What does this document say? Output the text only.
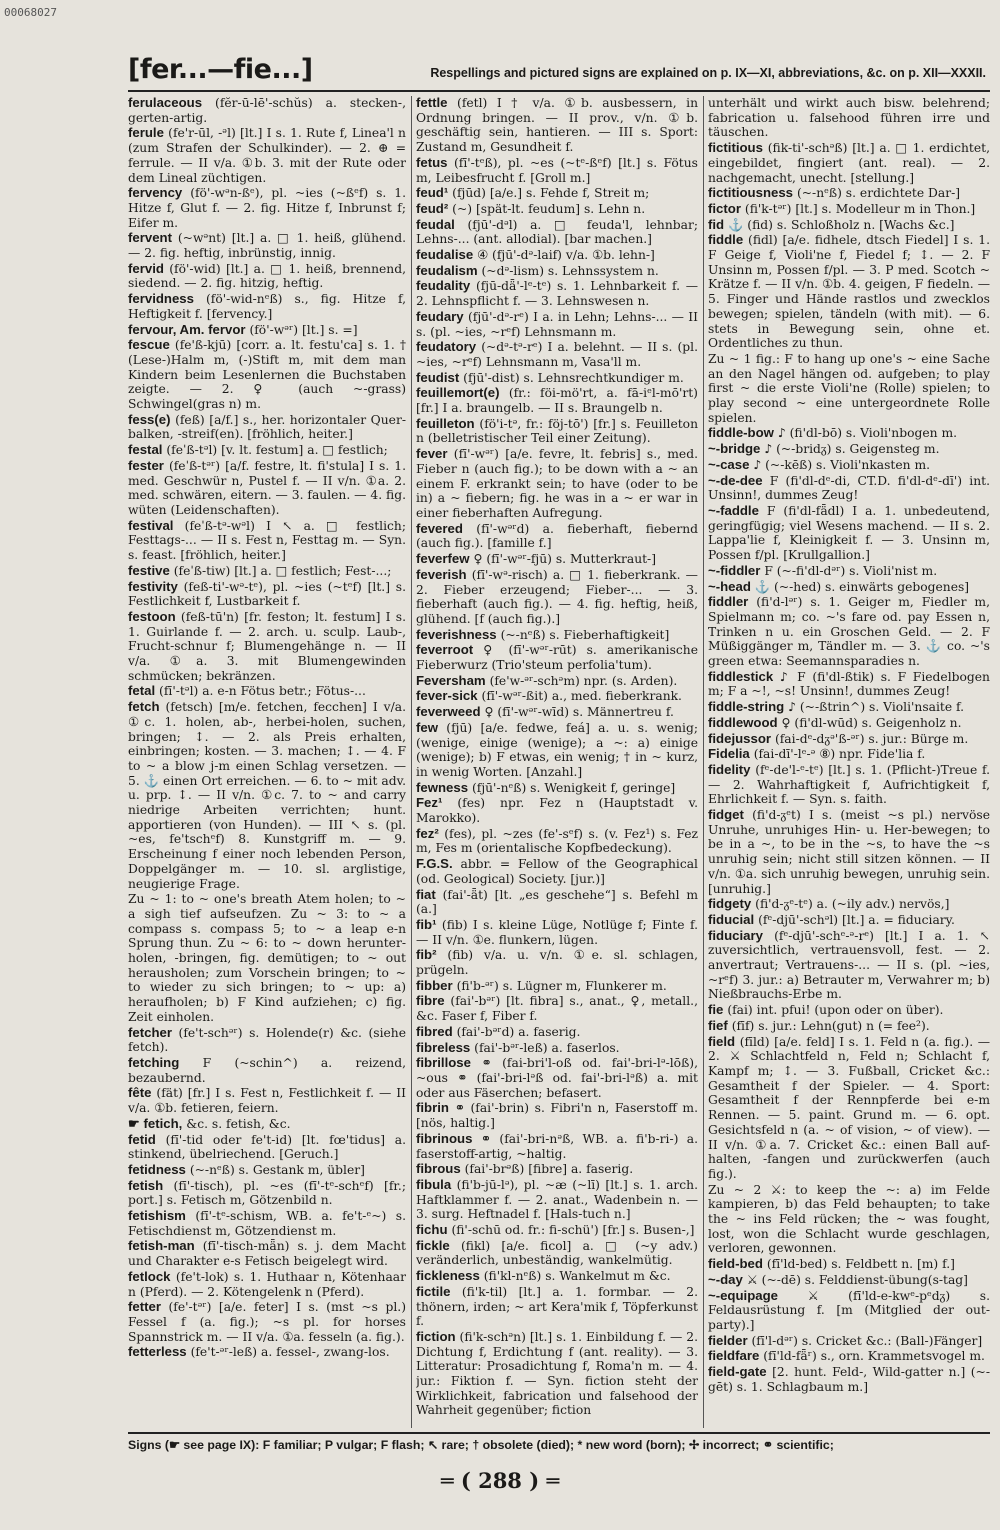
00068027
[fer...—fie...]	Respellings and pictured signs are explained on p. IX—XI, abbreviations, &c. on p. XII—XXXII.
ferulaceous (fĕr-ū-lē'-schŭs) a. stecken-, gerten-artig.
ferule (fe'r-ūl, -ᵊl) [lt.] I s. 1. Rute f, Linea'l n (zum Strafen der Schulkinder). — 2. ⊕ = ferrule. — II v/a. ①b. 3. mit der Rute oder dem Lineal züchtigen.
fervency (fö'-wᵊn-ßᵉ), pl. ~ies (~ßᵉf) s. 1. Hitze f, Glut f. — 2. fig. Hitze f, Inbrunst f; Eifer m.
fervent (~wᵊnt) [lt.] a. □ 1. heiß, glühend. — 2. fig. heftig, inbrünstig, innig.
fervid (fö'-wid) [lt.] a. □ 1. heiß, brennend, siedend. — 2. fig. hitzig, heftig.
fervidness (fö'-wid-nᵉß) s., fig. Hitze f, Heftigkeit f. [fervency.]
fervour, Am. fervor (fö'-wᵊʳ) [lt.] s. =]
fescue (fe'ß-kjū) [corr. a. lt. festu'ca] s. 1. † (Lese-)Halm m, (-)Stift m, mit dem man Kindern beim Lesenlernen die Buchstaben zeigte. — 2. ♀ (auch ~-grass) Schwingel(gras n) m.
fess(e) (feß) [a/f.] s., her. horizontaler Quer-balken, -streif(en). [fröhlich, heiter.]
festal (feˈß-tᵊl) [v. lt. festum] a. □ festlich;
fester (feˈß-tᵊʳ) [a/f. festre, lt. fi'stula] I s. 1. med. Geschwür n, Pustel f. — II v/n. ①a. 2. med. schwären, eitern. — 3. faulen. — 4. fig. wüten (Leidenschaften).
festival (feˈß-tᵊ-wᵊl) I ↖ a. □ festlich; Festtags-... — II s. Fest n, Festtag m. — Syn. s. feast. [fröhlich, heiter.]
festive (feˈß-tiw) [lt.] a. □ festlich; Fest-...;
festivity (feß-ti'-wᵊ-tᵉ), pl. ~ies (~tᵉf) [lt.] s. Festlichkeit f, Lustbarkeit f.
festoon (feß-tū'n) [fr. feston; lt. festum] I s. 1. Guirlande f. — 2. arch. u. sculp. Laub-, Frucht-schnur f; Blumengehänge n. — II v/a. ①a. 3. mit Blumengewinden schmücken; bekränzen.
fetal (fī'-tᵊl) a. e-n Fötus betr.; Fötus-...
fetch (fetsch) [m/e. fetchen, fecchen] I v/a. ①c. 1. holen, ab-, herbei-holen, suchen, bringen; ↕. — 2. als Preis erhalten, einbringen; kosten. — 3. machen; ↕. — 4. F to ~ a blow j-m einen Schlag versetzen. — 5. ⚓ einen Ort erreichen. — 6. to ~ mit adv. u. prp. ↕. — II v/n. ①c. 7. to ~ and carry niedrige Arbeiten verrichten; hunt. apportieren (von Hunden). — III ↖ s. (pl. ~es, fe'tschᵉf) 8. Kunstgriff m. — 9. Erscheinung f einer noch lebenden Person, Doppelgänger m. — 10. sl. arglistige, neugierige Frage.
Zu ~ 1: to ~ one's breath Atem holen; to ~ a sigh tief aufseufzen. Zu ~ 3: to ~ a compass s. compass 5; to ~ a leap e-n Sprung thun. Zu ~ 6: to ~ down herunter-holen, -bringen, fig. demütigen; to ~ out herausholen; zum Vorschein bringen; to ~ to wieder zu sich bringen; to ~ up: a) heraufholen; b) F Kind aufziehen; c) fig. Zeit einholen.
fetcher (fe't-schᵊʳ) s. Holende(r) &c. (siehe fetch).
fetching F (~schin^) a. reizend, bezaubernd.
fête (fät) [fr.] I s. Fest n, Festlichkeit f. — II v/a. ①b. fetieren, feiern.
☛ fetich, &c. s. fetish, &c.
fetid (fī'-tid oder fe't-id) [lt. fœ'tidus] a. stinkend, übelriechend. [Geruch.]
fetidness (~-nᵉß) s. Gestank m, übler]
fetish (fī'-tisch), pl. ~es (fī'-tᵉ-schᵉf) [fr.; port.] s. Fetisch m, Götzenbild n.
fetishism (fī'-tᵉ-schism, WB. a. fe't-ᵉ~) s. Fetischdienst m, Götzendienst m.
fetish-man (fī'-tisch-mǟn) s. j. dem Macht und Charakter e-s Fetisch beigelegt wird.
fetlock (fe't-lok) s. 1. Huthaar n, Kötenhaar n (Pferd). — 2. Kötengelenk n (Pferd).
fetter (fe'-tᵊʳ) [a/e. feter] I s. (mst ~s pl.) Fessel f (a. fig.); ~s pl. for horses Spannstrick m. — II v/a. ①a. fesseln (a. fig.).
fetterless (fe't-ᵊʳ-leß) a. fessel-, zwang-los.
fettle (fetl) I † v/a. ①b. ausbessern, in Ordnung bringen. — II prov., v/n. ①b. geschäftig sein, hantieren. — III s. Sport: Zustand m, Gesundheit f.
fetus (fī'-tᵉß), pl. ~es (~tᵉ-ßᵉf) [lt.] s. Fötus m, Leibesfrucht f. [Groll m.]
feud¹ (fjūd) [a/e.] s. Fehde f, Streit m;
feud² (~) [spät-lt. feudum] s. Lehn n.
feudal (fjū'-dᵊl) a. □ feuda'l, lehnbar; Lehns-... (ant. allodial). [bar machen.]
feudalise ④ (fjū'-dᵊ-laif) v/a. ①b. lehn-]
feudalism (~dᵊ-lism) s. Lehnssystem n.
feudality (fjū-dǟ'-lᵉ-tᵉ) s. 1. Lehnbarkeit f. — 2. Lehnspflicht f. — 3. Lehnswesen n.
feudary (fjū'-dᵊ-rᵉ) I a. in Lehn; Lehns-... — II s. (pl. ~ies, ~rᵉf) Lehnsmann m.
feudatory (~dᵊ-tᵊ-rᵉ) I a. belehnt. — II s. (pl. ~ies, ~rᵉf) Lehnsmann m, Vasa'll m.
feudist (fjū'-dist) s. Lehnsrechtkundiger m.
feuillemort(e) (fr.: föi-mö'rt, a. fā-iᵉl-mō'rt) [fr.] I a. braungelb. — II s. Braungelb n.
feuilleton (fö'i-tᵊ, fr.: föj-tō') [fr.] s. Feuilleton n (belletristischer Teil einer Zeitung).
fever (fī'-wᵊʳ) [a/e. fevre, lt. febris] s., med. Fieber n (auch fig.); to be down with a ~ an einem F. erkrankt sein; to have (oder to be in) a ~ fiebern; fig. he was in a ~ er war in einer fieberhaften Aufregung.
fevered (fī'-wᵊʳd) a. fieberhaft, fiebernd (auch fig.). [famille f.]
feverfew ♀ (fī'-wᵊʳ-fjū) s. Mutterkraut-]
feverish (fī'-wᵊ-risch) a. □ 1. fieberkrank. — 2. Fieber erzeugend; Fieber-... — 3. fieberhaft (auch fig.). — 4. fig. heftig, heiß, glühend. [f (auch fig.).]
feverishness (~-nᵉß) s. Fieberhaftigkeit]
feverroot ♀ (fī'-wᵊʳ-rūt) s. amerikanische Fieberwurz (Trio'steum perfolia'tum).
Feversham (fe'w-ᵊʳ-schᵊm) npr. (s. Arden).
fever-sick (fī'-wᵊʳ-ßit) a., med. fieberkrank.
feverweed ♀ (fī'-wᵊʳ-wīd) s. Männertreu f.
few (fjū) [a/e. fedwe, feá] a. u. s. wenig; (wenige, einige (wenige); a ~: a) einige (wenige); b) F etwas, ein wenig; † in ~ kurz, in wenig Worten. [Anzahl.]
fewness (fjū'-nᵉß) s. Wenigkeit f, geringe]
Fez¹ (fes) npr. Fez n (Hauptstadt v. Marokko).
fez² (fes), pl. ~zes (fe'-sᵉf) s. (v. Fez¹) s. Fez m, Fes m (orientalische Kopfbedeckung).
F.G.S. abbr. = Fellow of the Geographical (od. Geological) Society. [jur.)]
fiat (fai'-ǟt) [lt. „es geschehe“] s. Befehl m (a.]
fib¹ (fib) I s. kleine Lüge, Notlüge f; Finte f. — II v/n. ①e. flunkern, lügen.
fib² (fib) v/a. u. v/n. ①e. sl. schlagen, prügeln.
fibber (fi'b-ᵊʳ) s. Lügner m, Flunkerer m.
fibre (fai'-bᵊʳ) [lt. fibra] s., anat., ♀, metall., &c. Faser f, Fiber f.
fibred (fai'-bᵊʳd) a. faserig.
fibreless (fai'-bᵊʳ-leß) a. faserlos.
fibrillose ⚭ (fai-bri'l-oß od. fai'-bri-lᵊ-lōß), ~ous ⚭ (fai'-bri-lᵊß od. fai'-bri-lᵊß) a. mit oder aus Fäserchen; befasert.
fibrin ⚭ (fai'-brin) s. Fibri'n n, Faserstoff m. [nös, haltig.]
fibrinous ⚭ (fai'-bri-nᵊß, WB. a. fi'b-ri-) a. faserstoff-artig, ~haltig.
fibrous (fai'-brᵊß) [fibre] a. faserig.
fibula (fi'b-jū-lᵊ), pl. ~æ (~lī) [lt.] s. 1. arch. Haftklammer f. — 2. anat., Wadenbein n. — 3. surg. Heftnadel f. [Hals-tuch n.]
fichu (fi'-schū od. fr.: fi-schü') [fr.] s. Busen-,]
fickle (fikl) [a/e. ficol] a. □ (~y adv.) veränderlich, unbeständig, wankelmütig.
fickleness (fi'kl-nᵉß) s. Wankelmut m &c.
fictile (fi'k-til) [lt.] a. 1. formbar. — 2. thönern, irden; ~ art Kera'mik f, Töpferkunst f.
fiction (fi'k-schᵊn) [lt.] s. 1. Einbildung f. — 2. Dichtung f, Erdichtung f (ant. reality). — 3. Litteratur: Prosadichtung f, Roma'n m. — 4. jur.: Fiktion f. — Syn. fiction steht der Wirklichkeit, fabrication und falsehood der Wahrheit gegenüber; fiction
unterhält und wirkt auch bisw. belehrend; fabrication u. falsehood führen irre und täuschen.
fictitious (fik-ti'-schᵊß) [lt.] a. □ 1. erdichtet, eingebildet, fingiert (ant. real). — 2. nachgemacht, unecht. [stellung.]
fictitiousness (~-nᵉß) s. erdichtete Dar-]
fictor (fi'k-tᵊʳ) [lt.] s. Modelleur m in Thon.]
fid ⚓ (fid) s. Schloßholz n. [Wachs &c.]
fiddle (fidl) [a/e. fidhele, dtsch Fiedel] I s. 1. F Geige f, Violi'ne f, Fiedel f; ↕. — 2. F Unsinn m, Possen f/pl. — 3. P med. Scotch ~ Krätze f. — II v/n. ①b. 4. geigen, F fiedeln. — 5. Finger und Hände rastlos und zwecklos bewegen; spielen, tändeln (with mit). — 6. stets in Bewegung sein, ohne et. Ordentliches zu thun.
Zu ~ 1 fig.: F to hang up one's ~ eine Sache an den Nagel hängen od. aufgeben; to play first ~ die erste Violi'ne (Rolle) spielen; to play second ~ eine untergeordnete Rolle spielen.
fiddle-bow ♪ (fi'dl-bō) s. Violi'nbogen m.
~-bridge ♪ (~-bridᵹ) s. Geigensteg m.
~-case ♪ (~-kēß) s. Violi'nkasten m.
~-de-dee F (fi'dl-dᵉ-di, CT.D. fi'dl-dᵉ-dī') int. Unsinn!, dummes Zeug!
~-faddle F (fi'dl-fǟdl) I a. 1. unbedeutend, geringfügig; viel Wesens machend. — II s. 2. Lappa'lie f, Kleinigkeit f. — 3. Unsinn m, Possen f/pl. [Krullgallion.]
~-fiddler F (~-fi'dl-dᵊʳ) s. Violi'nist m.
~-head ⚓ (~-hed) s. einwärts gebogenes]
fiddler (fi'd-lᵊʳ) s. 1. Geiger m, Fiedler m, Spielmann m; co. ~'s fare od. pay Essen n, Trinken n u. ein Groschen Geld. — 2. F Müßiggänger m, Tändler m. — 3. ⚓ co. ~'s green etwa: Seemannsparadies n.
fiddlestick ♪ F (fi'dl-ßtik) s. F Fiedelbogen m; F a ~!, ~s! Unsinn!, dummes Zeug!
fiddle-string ♪ (~-ßtrin^) s. Violi'nsaite f.
fiddlewood ♀ (fi'dl-wūd) s. Geigenholz n.
fidejussor (fai-dᵉ-dᵹᵊ'ß-ᵊʳ) s. jur.: Bürge m.
Fidelia (fai-dī'-lᵉ-ᵊ ⑧) npr. Fide'lia f.
fidelity (fᵉ-de'l-ᵉ-tᵉ) [lt.] s. 1. (Pflicht-)Treue f. — 2. Wahrhaftigkeit f, Aufrichtigkeit f, Ehrlichkeit f. — Syn. s. faith.
fidget (fi'd-ᵹᵉt) I s. (meist ~s pl.) nervöse Unruhe, unruhiges Hin- u. Her-bewegen; to be in a ~, to be in the ~s, to have the ~s unruhig sein; nicht still sitzen können. — II v/n. ①a. sich unruhig bewegen, unruhig sein. [unruhig.]
fidgety (fi'd-ᵹᵉ-tᵉ) a. (~ily adv.) nervös,]
fiducial (fᵉ-djū'-schᵊl) [lt.] a. = fiduciary.
fiduciary (fᵉ-djū'-schᵉ-ᵊ-rᵉ) [lt.] I a. 1. ↖ zuversichtlich, vertrauensvoll, fest. — 2. anvertraut; Vertrauens-... — II s. (pl. ~ies, ~rᵉf) 3. jur.: a) Betrauter m, Verwahrer m; b) Nießbrauchs-Erbe m.
fie (fai) int. pfui! (upon oder on über).
fief (fīf) s. jur.: Lehn(gut) n (= fee²).
field (fīld) [a/e. feld] I s. 1. Feld n (a. fig.). — 2. ⚔ Schlachtfeld n, Feld n; Schlacht f, Kampf m; ↕. — 3. Fußball, Cricket &c.: Gesamtheit f der Spieler. — 4. Sport: Gesamtheit f der Rennpferde bei e-m Rennen. — 5. paint. Grund m. — 6. opt. Gesichtsfeld n (a. ~ of vision, ~ of view). — II v/n. ①a. 7. Cricket &c.: einen Ball auf-halten, -fangen und zurückwerfen (auch fig.).
Zu ~ 2 ⚔: to keep the ~: a) im Felde kampieren, b) das Feld behaupten; to take the ~ ins Feld rücken; the ~ was fought, lost, won die Schlacht wurde geschlagen, verloren, gewonnen.
field-bed (fī'ld-bed) s. Feldbett n. [m) f.]
~-day ⚔ (~-dē) s. Felddienst-übung(s-tag]
~-equipage ⚔ (fī'ld-e-kwᵉ-pᵉdᵹ) s. Feldausrüstung f. [m (Mitglied der out-party).]
fielder (fī'l-dᵊʳ) s. Cricket &c.: (Ball-)Fänger]
fieldfare (fī'ld-fǟʳ) s., orn. Krammetsvogel m.
field-gate [2. hunt. Feld-, Wild-gatter n.] (~-gēt) s. 1. Schlagbaum m.]
Signs (☛ see page IX): F familiar; P vulgar; F flash; ↖ rare; † obsolete (died); * new word (born); ✢ incorrect; ⚭ scientific;
═ ( 288 ) ═
